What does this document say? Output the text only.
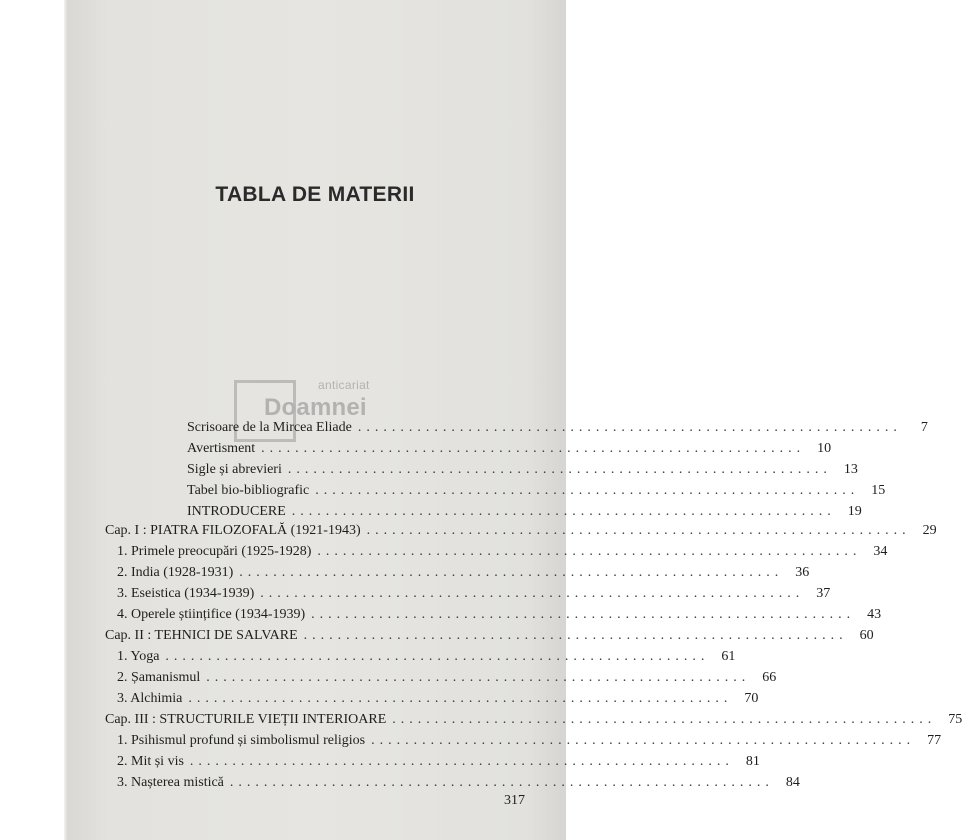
TABLA DE MATERII
anticariat
Doamnei
Scrisoare de la Mircea Eliade ................................................................	7
Avertisment ................................................................ 10
Sigle și abrevieri ................................................................ 13
Tabel bio-bibliografic ................................................................ 15
INTRODUCERE ................................................................ 19
Cap. I : PIATRA FILOZOFALĂ (1921-1943) ................................................................ 29
1. Primele preocupări (1925-1928) ................................................................ 34
2. India (1928-1931) ................................................................ 36
3. Eseistica (1934-1939) ................................................................ 37
4. Operele științifice (1934-1939) ................................................................ 43
Cap. II : TEHNICI DE SALVARE ................................................................ 60
1. Yoga ................................................................ 61
2. Șamanismul ................................................................ 66
3. Alchimia ................................................................ 70
Cap. III : STRUCTURILE VIEȚII INTERIOARE ................................................................ 75
1. Psihismul profund și simbolismul religios ................................................................ 77
2. Mit și vis ................................................................ 81
3. Nașterea mistică ................................................................ 84
317
